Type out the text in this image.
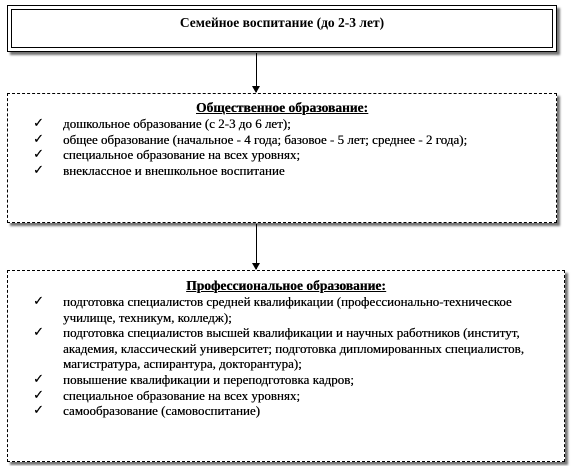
Семейное воспитание (до 2-3 лет)
Общественное образование:
✓ дошкольное образование (с 2-3 до 6 лет);
✓ общее образование (начальное - 4 года; базовое - 5 лет; среднее - 2 года);
✓ специальное образование на всех уровнях;
✓ внеклассное и внешкольное воспитание
Профессиональное образование:
✓ подготовка специалистов средней квалификации (профессионально-техническое училище, техникум, колледж);
✓ подготовка специалистов высшей квалификации и научных работников (институт, академия, классический университет; подготовка дипломированных специалистов, магистратура, аспирантура, докторантура);
✓ повышение квалификации и переподготовка кадров;
✓ специальное образование на всех уровнях;
✓ самообразование (самовоспитание)
